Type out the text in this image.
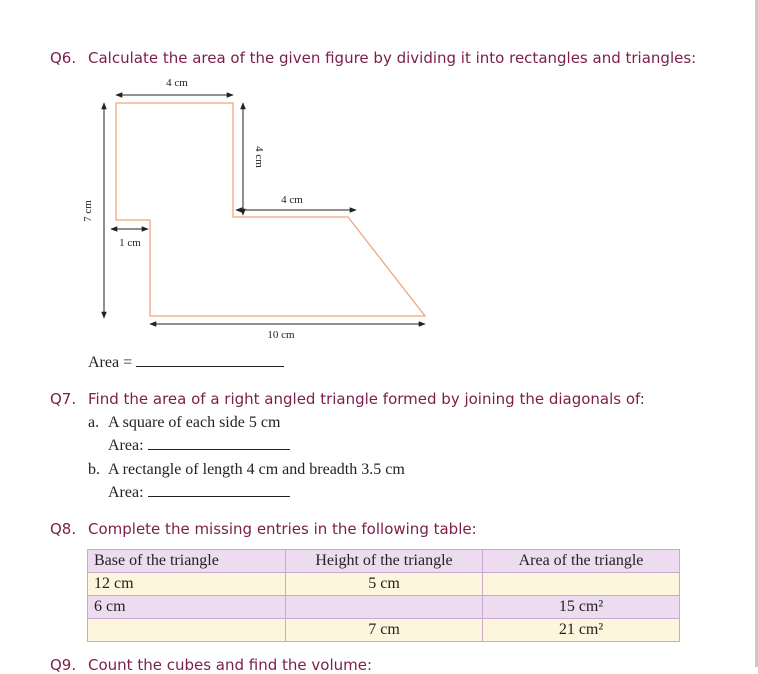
Q6. Calculate the area of the given figure by dividing it into rectangles and triangles:
4 cm
4 cm
4 cm
7 cm
1 cm
10 cm
Area =
Q7. Find the area of a right angled triangle formed by joining the diagonals of:
a. A square of each side 5 cm
Area:
b. A rectangle of length 4 cm and breadth 3.5 cm
Area:
Q8. Complete the missing entries in the following table:
Base of the triangle	Height of the triangle	Area of the triangle
12 cm	5 cm	
6 cm		15 cm²
	7 cm	21 cm²
Q9. Count the cubes and find the volume:
